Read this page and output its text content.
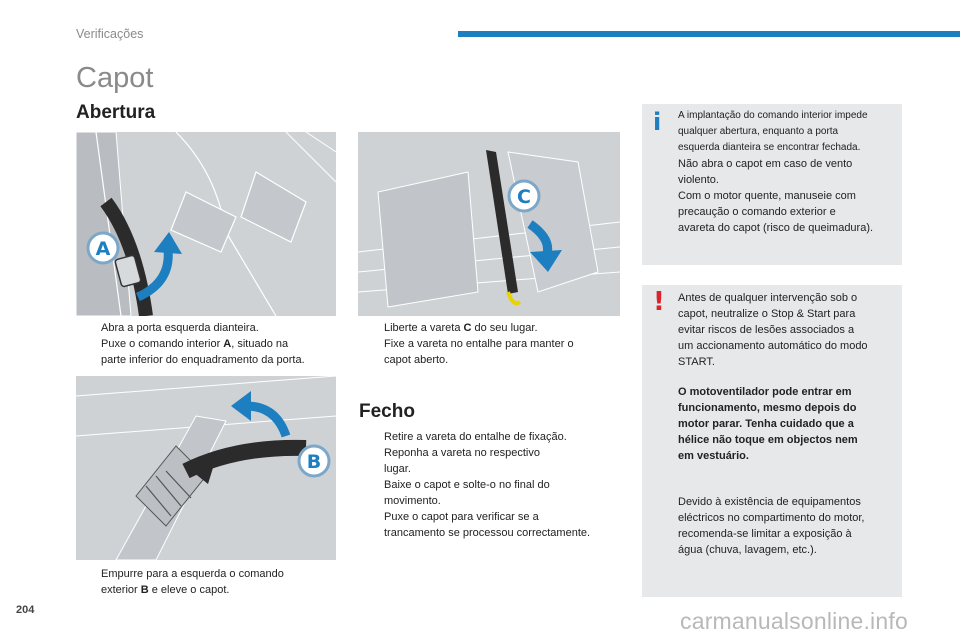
Verificações
Capot
Abertura
A
C
Abra a porta esquerda dianteira.
Puxe o comando interior A, situado na
parte inferior do enquadramento da porta.
Liberte a vareta C do seu lugar.
Fixe a vareta no entalhe para manter o
capot aberto.
B
Empurre para a esquerda o comando
exterior B e eleve o capot.
Fecho
Retire a vareta do entalhe de fixação.
Reponha a vareta no respectivo
lugar.
Baixe o capot e solte-o no final do
movimento.
Puxe o capot para verificar se a
trancamento se processou correctamente.
i A implantação do comando interior impede
qualquer abertura, enquanto a porta
esquerda dianteira se encontrar fechada.
Não abra o capot em caso de vento
violento.
Com o motor quente, manuseie com
precaução o comando exterior e
avareta do capot (risco de queimadura).
! Antes de qualquer intervenção sob o
capot, neutralize o Stop & Start para
evitar riscos de lesões associados a
um accionamento automático do modo
START.
O motoventilador pode entrar em
funcionamento, mesmo depois do
motor parar. Tenha cuidado que a
hélice não toque em objectos nem
em vestuário.
Devido à existência de equipamentos
eléctricos no compartimento do motor,
recomenda-se limitar a exposição à
água (chuva, lavagem, etc.).
204	carmanualsonline.info
